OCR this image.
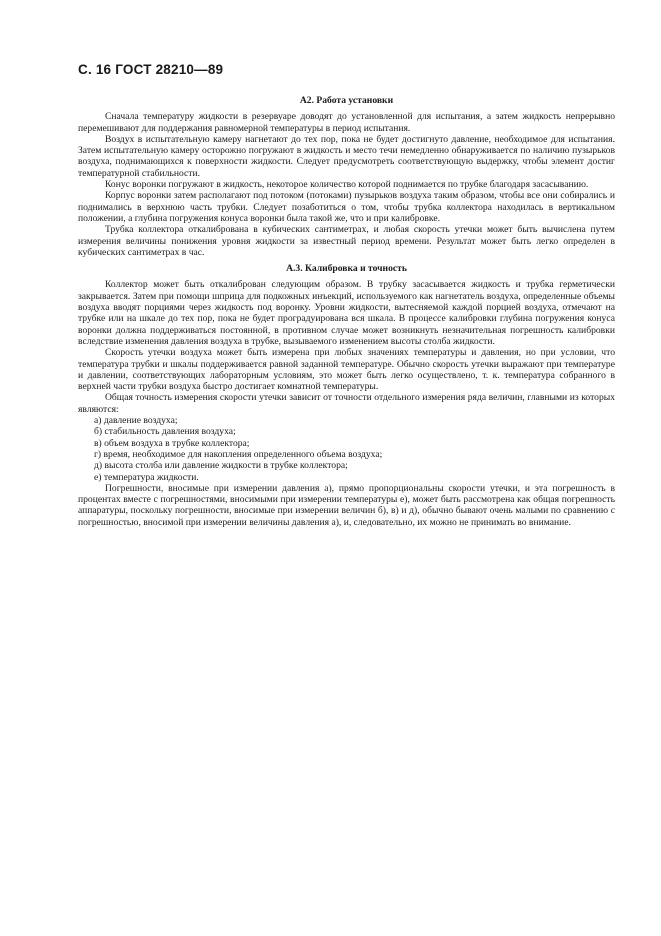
С. 16 ГОСТ 28210—89
А2. Работа установки

Сначала температуру жидкости в резервуаре доводят до установленной для испытания, а затем жидкость непрерывно перемешивают для поддержания равномерной температуры в период испытания.

Воздух в испытательную камеру нагнетают до тех пор, пока не будет достигнуто давление, необходимое для испытания. Затем испытательную камеру осторожно погружают в жидкость и место течи немедленно обнаруживается по наличию пузырьков воздуха, поднимающихся к поверхности жидкости. Следует предусмотреть соответствующую выдержку, чтобы элемент достиг температурной стабильности.

Конус воронки погружают в жидкость, некоторое количество которой поднимается по трубке благодаря засасыванию.

Корпус воронки затем располагают под потоком (потоками) пузырьков воздуха таким образом, чтобы все они собирались и поднимались в верхнюю часть трубки. Следует позаботиться о том, чтобы трубка коллектора находилась в вертикальном положении, а глубина погружения конуса воронки была такой же, что и при калибровке.

Трубка коллектора откалибрована в кубических сантиметрах, и любая скорость утечки может быть вычислена путем измерения величины понижения уровня жидкости за известный период времени. Результат может быть легко определен в кубических сантиметрах в час.

А.3. Калибровка и точность

Коллектор может быть откалиброван следующим образом. В трубку засасывается жидкость и трубка герметически закрывается. Затем при помощи шприца для подкожных инъекций, используемого как нагнетатель воздуха, определенные объемы воздуха вводят порциями через жидкость под воронку. Уровни жидкости, вытесняемой каждой порцией воздуха, отмечают на трубке или на шкале до тех пор, пока не будет проградуирована вся шкала. В процессе калибровки глубина погружения конуса воронки должна поддерживаться постоянной, в противном случае может возникнуть незначительная погрешность калибровки вследствие изменения давления воздуха в трубке, вызываемого изменением высоты столба жидкости.

Скорость утечки воздуха может быть измерена при любых значениях температуры и давления, но при условии, что температура трубки и шкалы поддерживается равной заданной температуре. Обычно скорость утечки выражают при температуре и давлении, соответствующих лабораторным условиям, это может быть легко осуществлено, т. к. температура собранного в верхней части трубки воздуха быстро достигает комнатной температуры.

Общая точность измерения скорости утечки зависит от точности отдельного измерения ряда величин, главными из которых являются:

а) давление воздуха;

б) стабильность давления воздуха;

в) объем воздуха в трубке коллектора;

г) время, необходимое для накопления определенного объема воздуха;

д) высота столба или давление жидкости в трубке коллектора;

е) температура жидкости.

Погрешности, вносимые при измерении давления а), прямо пропорциональны скорости утечки, и эта погрешность в процентах вместе с погрешностями, вносимыми при измерении температуры е), может быть рассмотрена как общая погрешность аппаратуры, поскольку погрешности, вносимые при измерении величин б), в) и д), обычно бывают очень малыми по сравнению с погрешностью, вносимой при измерении величины давления а), и, следовательно, их можно не принимать во внимание.
